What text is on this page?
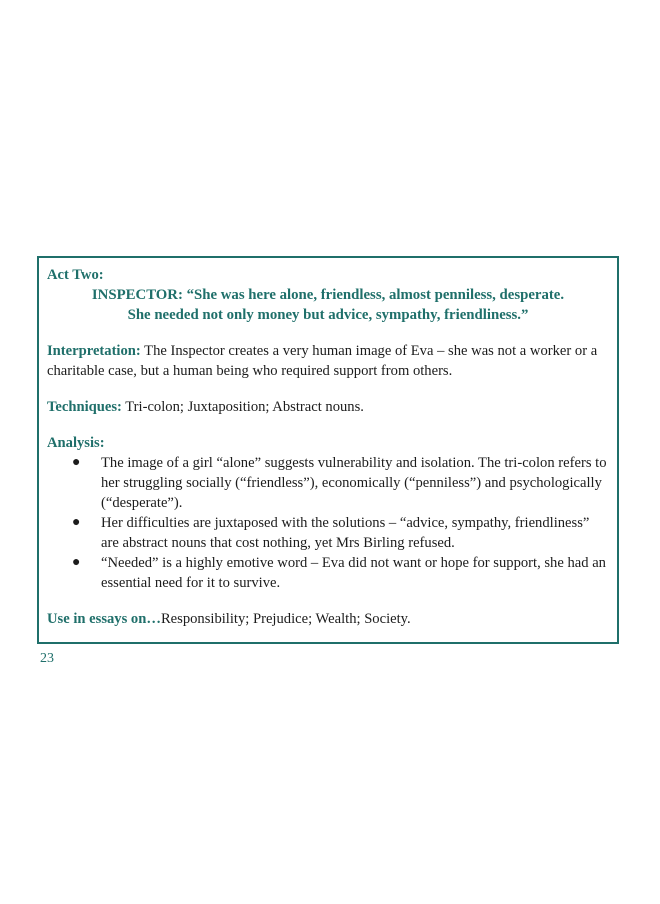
Act Two:

INSPECTOR: “She was here alone, friendless, almost penniless, desperate.

She needed not only money but advice, sympathy, friendliness.”

Interpretation: The Inspector creates a very human image of Eva – she was not a worker or a charitable case, but a human being who required support from others.

Techniques: Tri-colon; Juxtaposition; Abstract nouns.

Analysis:

● The image of a girl “alone” suggests vulnerability and isolation. The tri-colon refers to her struggling socially (“friendless”), economically (“penniless”) and psychologically (“desperate”).
● Her difficulties are juxtaposed with the solutions – “advice, sympathy, friendliness” are abstract nouns that cost nothing, yet Mrs Birling refused.
● “Needed” is a highly emotive word – Eva did not want or hope for support, she had an essential need for it to survive.

Use in essays on…Responsibility; Prejudice; Wealth; Society.

23
